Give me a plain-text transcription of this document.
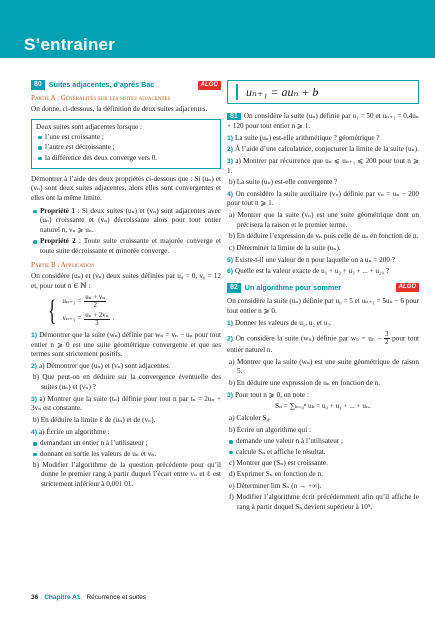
S’entrainer
80 Suites adjacentes, d’après Bac	ALGO
Partie A : Généralités sur les suites adjacentes

On donne, ci-dessous, la définition de deux suites adjacentes.

Deux suites sont adjacentes lorsque :
l’une est croissante ;
l’autre est décroissante ;
la différence des deux converge vers 0.

Démontrer à l’aide des deux propriétés ci-dessous que : Si (uₙ) et (vₙ) sont deux suites adjacentes, alors elles sont convergentes et elles ont la même limite.

Propriété 1 : Si deux suites (uₙ) et (vₙ) sont adjacentes avec (uₙ) croissante et (vₙ) décroissante alors pour tout entier naturel n, vₙ ⩾ uₙ.
Propriété 2 : Toute suite croissante et majorée converge et toute suite décroissante et minorée converge.
Partie B : Application

On considère (uₙ) et (vₙ) deux suites définies par u₀ = 0, v₀ = 12 et, pour tout n ∈ ℕ :

{ $u_{n+1} = \frac{\text{uₙ + vₙ}}{2}$
$v_{n+1} = \frac{\text{uₙ + 2vₙ}}{3}$ .
1) Démontrer que la suite (wₙ) définie par wₙ = vₙ − uₙ pour tout entier n ⩾ 0 est une suite géométrique convergente et que ses termes sont strictement positifs.
2) a) Démontrer que (uₙ) et (vₙ) sont adjacentes.
b) Que peut-on en déduire sur la convergence éventuelle des suites (uₙ) et (vₙ) ?
3) a) Montrer que la suite (tₙ) définie pour tout n par tₙ = 2uₙ + 3vₙ est constante.
b) En déduire la limite ℓ de (uₙ) et de (vₙ).
4) a) Écrire un algorithme :
demandant un entier n à l’utilisateur ;
donnant en sortie les valeurs de uₙ et vₙ.
b) Modifier l’algorithme de la question précédente pour qu’il donne le premier rang à partir duquel l’écart entre vₙ et ℓ est strictement inférieur à 0,001 01.
uₙ₊₁ = auₙ + b
81 On considère la suite (uₙ) définie par u₁ = 50 et uₙ₊₁ = 0,4uₙ + 120 pour tout entier n ⩾ 1.
1) La suite (uₙ) est-elle arithmétique ? géométrique ?
2) À l’aide d’une calculatrice, conjecturer la limite de la suite (uₙ).
3) a) Montrer par récurrence que uₙ ⩽ uₙ₊₁ ⩽ 200 pour tout n ⩾ 1.
b) La suite (uₙ) est-elle convergente ?
4) On considère la suite auxiliaire (vₙ) définie par vₙ = uₙ − 200 pour tout n ⩾ 1.
a) Montrer que la suite (vₙ) est une suite géométrique dont on précisera la raison et le premier terme.
b) En déduire l’expression de vₙ puis celle de uₙ en fonction de n.
c) Déterminer la limite de la suite (uₙ).
5) Existe-t-il une valeur de n pour laquelle on a uₙ = 200 ?
6) Quelle est la valeur exacte de u₁ + u₂ + u₃ + ... + u₂₀ ?
82 Un algorithme pour sommer	ALGO

On considère la suite (uₙ) définie par u₀ = 5 et uₙ₊₁ = 5uₙ − 6 pour tout entier n ⩾ 0.

1) Donner les valeurs de u₁, u₂ et u₃.
2) On considère la suite (wₙ) définie par $w_n = u_n - \frac{3}{2}$ pour tout entier naturel n.
a) Montrer que la suite (wₙ) est une suite géométrique de raison 5.
b) En déduire une expression de uₙ en fonction de n.
3) Pour tout n ⩾ 0, on note :
Sₙ = ∑ₖ₌₀ⁿ uₖ = u₀ + u₁ + ... + uₙ.
a) Calculer S₄.
b) Écrire un algorithme qui :
demande une valeur n à l’utilisateur ;
calcule Sₙ et affiche le résultat.
c) Montrer que (Sₙ) est croissante.
d) Exprimer Sₙ en fonction de n.
e) Déterminer lim Sₙ (n → +∞).
f) Modifier l’algorithme écrit précédemment afin qu’il affiche le rang à partir duquel Sₙ devient supérieur à 10⁹.
36 Chapitre A1 Récurrence et suites
